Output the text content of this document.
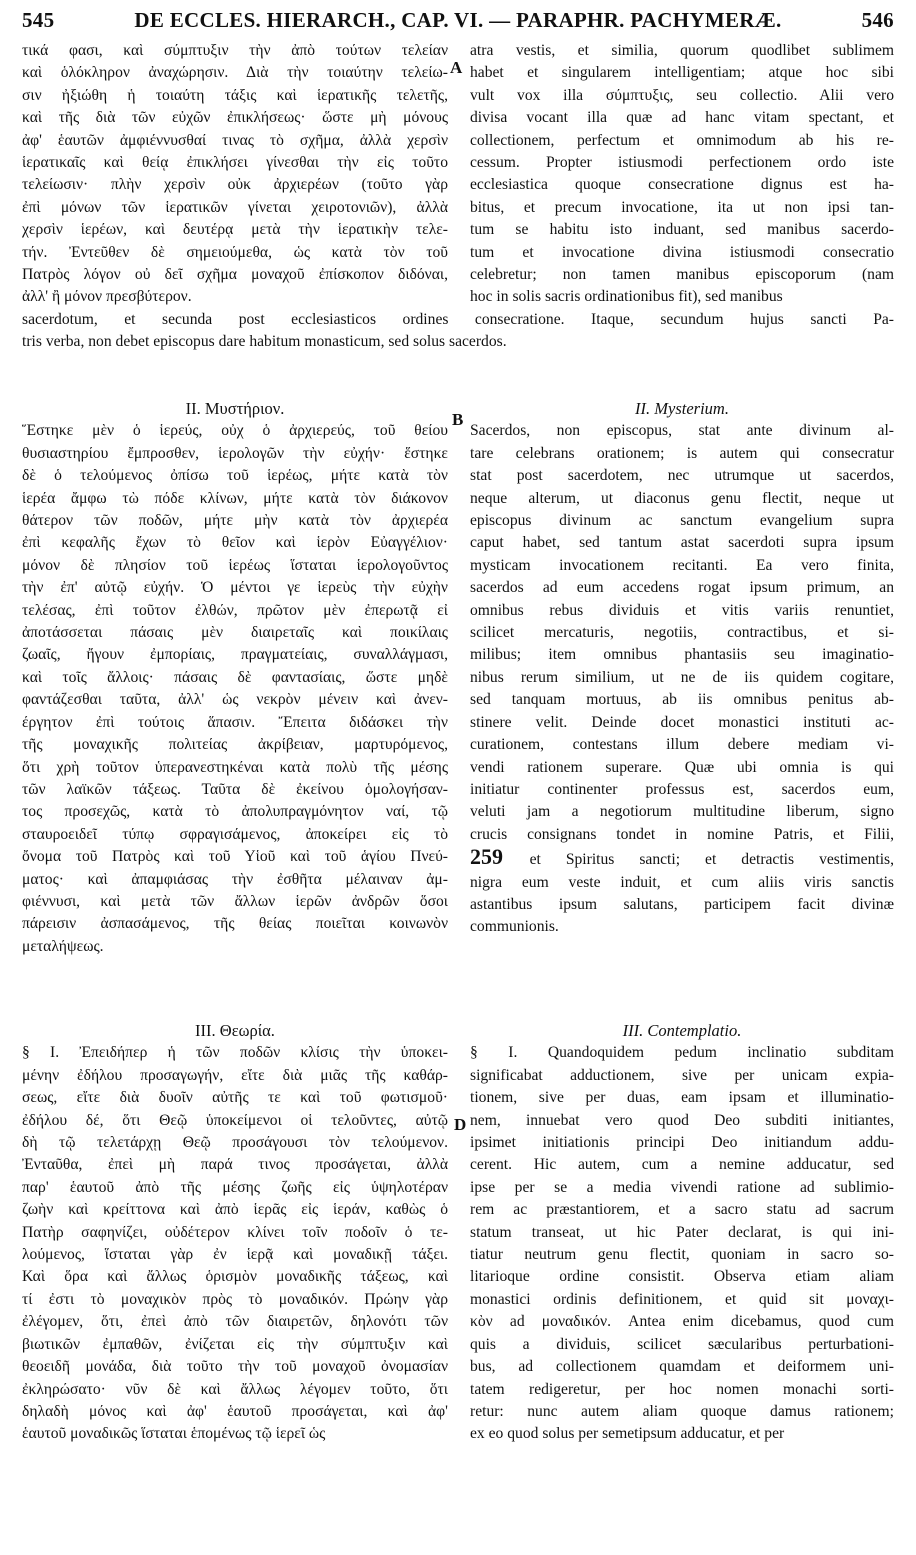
545	DE ECCLES. HIERARCH., CAP. VI. — PARAPHR. PACHYMERÆ.	546
τικά φασι, καὶ σύμπτυξιν τὴν ἀπὸ τούτων τελείαν
καὶ ὁλόκληρον ἀναχώρησιν. Διὰ τὴν τοιαύτην τελείω-
σιν ἠξιώθη ἡ τοιαύτη τάξις καὶ ἱερατικῆς τελετῆς,
καὶ τῆς διὰ τῶν εὐχῶν ἐπικλήσεως· ὥστε μὴ μόνους
ἀφ' ἑαυτῶν ἀμφιέννυσθαί τινας τὸ σχῆμα, ἀλλὰ χερσὶν
ἱερατικαῖς καὶ θείᾳ ἐπικλήσει γίνεσθαι τὴν εἰς τοῦτο
τελείωσιν· πλὴν χερσὶν οὐκ ἀρχιερέων (τοῦτο γὰρ
ἐπὶ μόνων τῶν ἱερατικῶν γίνεται χειροτονιῶν), ἀλλὰ
χερσὶν ἱερέων, καὶ δευτέρᾳ μετὰ τὴν ἱερατικὴν τελε-
τήν. Ἐντεῦθεν δὲ σημειούμεθα, ὡς κατὰ τὸν τοῦ
Πατρὸς λόγον οὐ δεῖ σχῆμα μοναχοῦ ἐπίσκοπον διδόναι,
ἀλλ' ἢ μόνον πρεσβύτερον.
atra vestis, et similia, quorum quodlibet sublimem
habet et singularem intelligentiam; atque hoc sibi
vult vox illa σύμπτυξις, seu collectio. Alii vero
divisa vocant illa quæ ad hanc vitam spectant, et
collectionem, perfectum et omnimodum ab his re-
cessum. Propter istiusmodi perfectionem ordo iste
ecclesiastica quoque consecratione dignus est ha-
bitus, et precum invocatione, ita ut non ipsi tan-
tum se habitu isto induant, sed manibus sacerdo-
tum et invocatione divina istiusmodi consecratio
celebretur; non tamen manibus episcoporum (nam
hoc in solis sacris ordinationibus fit), sed manibus
A
sacerdotum, et secunda post ecclesiasticos ordines consecratione. Itaque, secundum hujus sancti Pa-
tris verba, non debet episcopus dare habitum monasticum, sed solus sacerdos.
ΙΙ. Μυστήριον.
Ἕστηκε μὲν ὁ ἱερεύς, οὐχ ὁ ἀρχιερεύς, τοῦ θείου
θυσιαστηρίου ἔμπροσθεν, ἱερολογῶν τὴν εὐχήν· ἕστηκε
δὲ ὁ τελούμενος ὀπίσω τοῦ ἱερέως, μήτε κατὰ τὸν
ἱερέα ἄμφω τὼ πόδε κλίνων, μήτε κατὰ τὸν διάκονον
θάτερον τῶν ποδῶν, μήτε μὴν κατὰ τὸν ἀρχιερέα
ἐπὶ κεφαλῆς ἔχων τὸ θεῖον καὶ ἱερὸν Εὐαγγέλιον·
μόνον δὲ πλησίον τοῦ ἱερέως ἵσταται ἱερολογοῦντος
τὴν ἐπ' αὐτῷ εὐχήν. Ὁ μέντοι γε ἱερεὺς τὴν εὐχὴν
τελέσας, ἐπὶ τοῦτον ἐλθών, πρῶτον μὲν ἐπερωτᾷ εἰ
ἀποτάσσεται πάσαις μὲν διαιρεταῖς καὶ ποικίλαις
ζωαῖς, ἤγουν ἐμπορίαις, πραγματείαις, συναλλάγμασι,
καὶ τοῖς ἄλλοις· πάσαις δὲ φαντασίαις, ὥστε μηδὲ
φαντάζεσθαι ταῦτα, ἀλλ' ὡς νεκρὸν μένειν καὶ ἀνεν-
έργητον ἐπὶ τούτοις ἅπασιν. Ἔπειτα διδάσκει τὴν
τῆς μοναχικῆς πολιτείας ἀκρίβειαν, μαρτυρόμενος,
ὅτι χρὴ τοῦτον ὑπερανεστηκέναι κατὰ πολὺ τῆς μέσης
τῶν λαϊκῶν τάξεως. Ταῦτα δὲ ἐκείνου ὁμολογήσαν-
τος προσεχῶς, κατὰ τὸ ἀπολυπραγμόνητον ναί, τῷ
σταυροειδεῖ τύπῳ σφραγισάμενος, ἀποκείρει εἰς τὸ
ὄνομα τοῦ Πατρὸς καὶ τοῦ Υἱοῦ καὶ τοῦ ἁγίου Πνεύ-
ματος· καὶ ἀπαμφιάσας τὴν ἐσθῆτα μέλαιναν ἀμ-
φιέννυσι, καὶ μετὰ τῶν ἄλλων ἱερῶν ἀνδρῶν ὅσοι
πάρεισιν ἀσπασάμενος, τῆς θείας ποιεῖται κοινωνὸν
μεταλήψεως.
B
II. Mysterium.
Sacerdos, non episcopus, stat ante divinum al-
tare celebrans orationem; is autem qui consecratur
stat post sacerdotem, nec utrumque ut sacerdos,
neque alterum, ut diaconus genu flectit, neque ut
episcopus divinum ac sanctum evangelium supra
caput habet, sed tantum astat sacerdoti supra ipsum
mysticam invocationem recitanti. Ea vero finita,
sacerdos ad eum accedens rogat ipsum primum, an
omnibus rebus dividuis et vitis variis renuntiet,
scilicet mercaturis, negotiis, contractibus, et si-
milibus; item omnibus phantasiis seu imaginatio-
nibus rerum similium, ut ne de iis quidem cogitare,
sed tanquam mortuus, ab iis omnibus penitus ab-
stinere velit. Deinde docet monastici instituti ac-
curationem, contestans illum debere mediam vi-
vendi rationem superare. Quæ ubi omnia is qui
initiatur continenter professus est, sacerdos eum,
veluti jam a negotiorum multitudine liberum, signo
crucis consignans tondet in nomine Patris, et Filii,
259 et Spiritus sancti; et detractis vestimentis,
nigra eum veste induit, et cum aliis viris sanctis
astantibus ipsum salutans, participem facit divinæ
communionis.
ΙΙΙ. Θεωρία.
§ Ι. Ἐπειδήπερ ἡ τῶν ποδῶν κλίσις τὴν ὑποκει-
μένην ἐδήλου προσαγωγήν, εἴτε διὰ μιᾶς τῆς καθάρ-
σεως, εἴτε διὰ δυοῖν αὐτῆς τε καὶ τοῦ φωτισμοῦ·
ἐδήλου δέ, ὅτι Θεῷ ὑποκείμενοι οἱ τελοῦντες, αὐτῷ
δὴ τῷ τελετάρχῃ Θεῷ προσάγουσι τὸν τελούμενον.
Ἐνταῦθα, ἐπεὶ μὴ παρά τινος προσάγεται, ἀλλὰ
παρ' ἑαυτοῦ ἀπὸ τῆς μέσης ζωῆς εἰς ὑψηλοτέραν
ζωὴν καὶ κρείττονα καὶ ἀπὸ ἱερᾶς εἰς ἱεράν, καθὼς ὁ
Πατὴρ σαφηνίζει, οὐδέτερον κλίνει τοῖν ποδοῖν ὁ τε-
λούμενος, ἵσταται γὰρ ἐν ἱερᾷ καὶ μοναδικῇ τάξει.
Καὶ ὅρα καὶ ἄλλως ὁρισμὸν μοναδικῆς τάξεως, καὶ
τί ἐστι τὸ μοναχικὸν πρὸς τὸ μοναδικόν. Πρώην γὰρ
ἐλέγομεν, ὅτι, ἐπεὶ ἀπὸ τῶν διαιρετῶν, δηλονότι τῶν
βιωτικῶν ἐμπαθῶν, ἐνίζεται εἰς τὴν σύμπτυξιν καὶ
θεοειδῆ μονάδα, διὰ τοῦτο τὴν τοῦ μοναχοῦ ὀνομασίαν
ἐκληρώσατο· νῦν δὲ καὶ ἄλλως λέγομεν τοῦτο, ὅτι
δηλαδὴ μόνος καὶ ἀφ' ἑαυτοῦ προσάγεται, καὶ ἀφ'
ἑαυτοῦ μοναδικῶς ἵσταται ἑπομένως τῷ ἱερεῖ ὡς
D
III. Contemplatio.
§ I. Quandoquidem pedum inclinatio subditam
significabat adductionem, sive per unicam expia-
tionem, sive per duas, eam ipsam et illuminatio-
nem, innuebat vero quod Deo subditi initiantes,
ipsimet initiationis principi Deo initiandum addu-
cerent. Hic autem, cum a nemine adducatur, sed
ipse per se a media vivendi ratione ad sublimio-
rem ac præstantiorem, et a sacro statu ad sacrum
statum transeat, ut hic Pater declarat, is qui ini-
tiatur neutrum genu flectit, quoniam in sacro so-
litarioque ordine consistit. Observa etiam aliam
monastici ordinis definitionem, et quid sit μοναχι-
κὸν ad μοναδικόν. Antea enim dicebamus, quod cum
quis a dividuis, scilicet sæcularibus perturbationi-
bus, ad collectionem quamdam et deiformem uni-
tatem redigeretur, per hoc nomen monachi sorti-
retur: nunc autem aliam quoque damus rationem;
ex eo quod solus per semetipsum adducatur, et per
